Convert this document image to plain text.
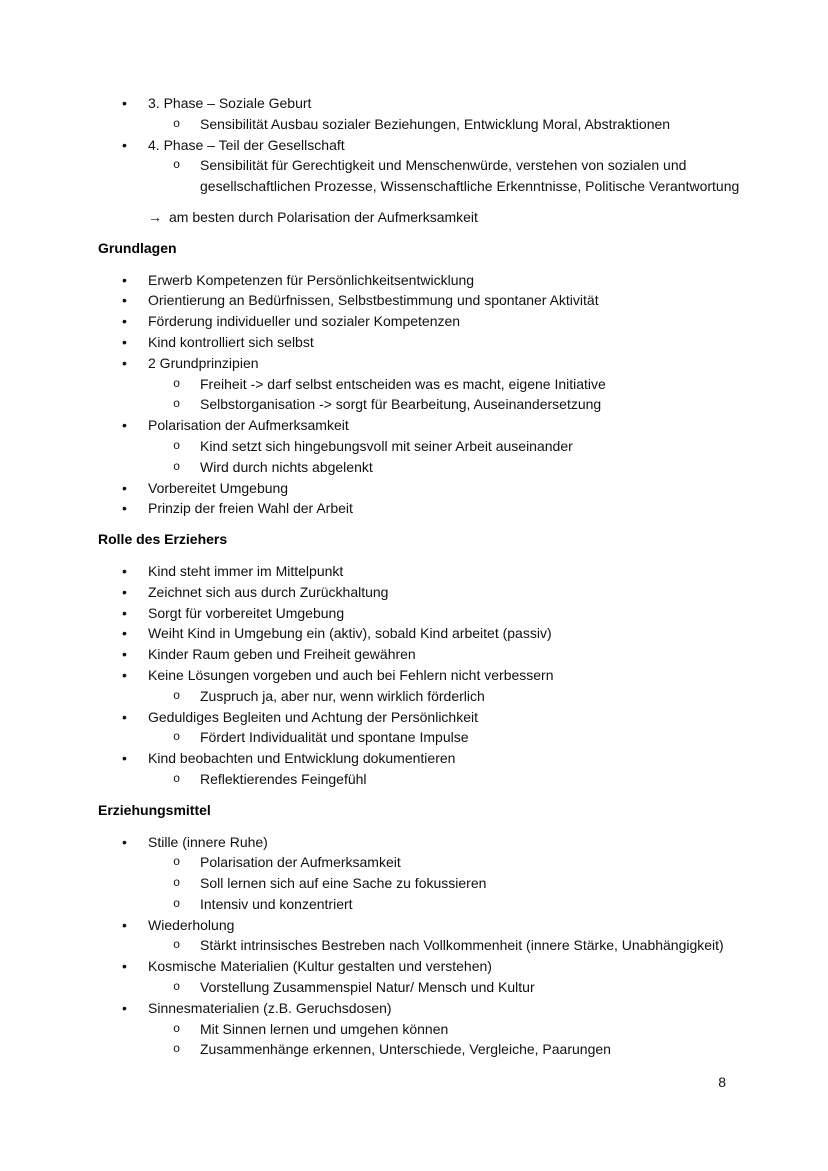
• 3. Phase – Soziale Geburt
o Sensibilität Ausbau sozialer Beziehungen, Entwicklung Moral, Abstraktionen
• 4. Phase – Teil der Gesellschaft
o Sensibilität für Gerechtigkeit und Menschenwürde, verstehen von sozialen und gesellschaftlichen Prozesse, Wissenschaftliche Erkenntnisse, Politische Verantwortung
→ am besten durch Polarisation der Aufmerksamkeit
Grundlagen
• Erwerb Kompetenzen für Persönlichkeitsentwicklung
• Orientierung an Bedürfnissen, Selbstbestimmung und spontaner Aktivität
• Förderung individueller und sozialer Kompetenzen
• Kind kontrolliert sich selbst
• 2 Grundprinzipien
o Freiheit -> darf selbst entscheiden was es macht, eigene Initiative
o Selbstorganisation -> sorgt für Bearbeitung, Auseinandersetzung
• Polarisation der Aufmerksamkeit
o Kind setzt sich hingebungsvoll mit seiner Arbeit auseinander
o Wird durch nichts abgelenkt
• Vorbereitet Umgebung
• Prinzip der freien Wahl der Arbeit
Rolle des Erziehers
• Kind steht immer im Mittelpunkt
• Zeichnet sich aus durch Zurückhaltung
• Sorgt für vorbereitet Umgebung
• Weiht Kind in Umgebung ein (aktiv), sobald Kind arbeitet (passiv)
• Kinder Raum geben und Freiheit gewähren
• Keine Lösungen vorgeben und auch bei Fehlern nicht verbessern
o Zuspruch ja, aber nur, wenn wirklich förderlich
• Geduldiges Begleiten und Achtung der Persönlichkeit
o Fördert Individualität und spontane Impulse
• Kind beobachten und Entwicklung dokumentieren
o Reflektierendes Feingefühl
Erziehungsmittel
• Stille (innere Ruhe)
o Polarisation der Aufmerksamkeit
o Soll lernen sich auf eine Sache zu fokussieren
o Intensiv und konzentriert
• Wiederholung
o Stärkt intrinsisches Bestreben nach Vollkommenheit (innere Stärke, Unabhängigkeit)
• Kosmische Materialien (Kultur gestalten und verstehen)
o Vorstellung Zusammenspiel Natur/ Mensch und Kultur
• Sinnesmaterialien (z.B. Geruchsdosen)
o Mit Sinnen lernen und umgehen können
o Zusammenhänge erkennen, Unterschiede, Vergleiche, Paarungen
8
